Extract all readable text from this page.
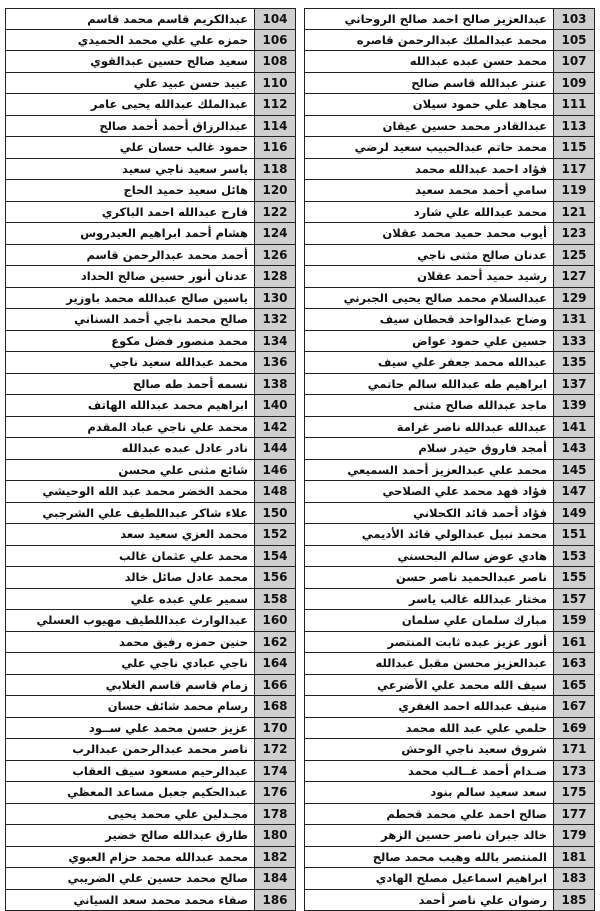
104
عبدالكريم قاسم محمد قاسم
106
حمزه علي علي محمد الحميدي
108
سعيد صالح حسين عبدالقوي
110
عبيد حسن عبيد علي
112
عبدالملك عبدالله يحيى عامر
114
عبدالرزاق أحمد أحمد صالح
116
حمود غالب حسان علي
118
ياسر سعيد ناجي سعيد
120
هائل سعيد حميد الحاج
122
فارح عبدالله احمد الباكري
124
هشام أحمد ابراهيم العيدروس
126
أحمد محمد عبدالرحمن قاسم
128
عدنان أنور حسين صالح الحداد
130
ياسين صالح عبدالله محمد باوزير
132
صالح محمد ناجي أحمد السناني
134
محمد منصور فضل مكوع
136
محمد عبدالله سعيد ناجي
138
نسمه أحمد طه صالح
140
ابراهيم محمد عبدالله الهاتف
142
محمد علي ناجي عباد المقدم
144
نادر عادل عبده عبدالله
146
شائع مثنى علي محسن
148
محمد الخضر محمد عبد الله الوحيشي
150
علاء شاكر عبداللطيف علي الشرجبي
152
محمد العزي سعيد سعد
154
محمد علي عثمان غالب
156
محمد عادل صائل خالد
158
سمير علي عبده علي
160
عبدالوارث عبداللطيف مهيوب العسلي
162
حنين حمزه رفيق محمد
164
ناجي عبادي ناجي علي
166
زمام قاسم قاسم الغلابي
168
رسام محمد شائف حسان
170
عزيز حسن محمد علي ســود
172
ناصر محمد عبدالرحمن عبدالرب
174
عبدالرحيم مسعود سيف العقاب
176
عبدالحكيم جعبل مساعد المعظي
178
مجـدلين علي محمد يحيى
180
طارق عبدالله صالح خضير
182
محمد عبدالله محمد حزام العبوي
184
صالح محمد حسين علي الضريبي
186
صفاء محمد محمد سعد السياني
103
عبدالعزيز صالح احمد صالح الروحاني
105
محمد عبدالملك عبدالرحمن قاصره
107
محمد حسن عبده عبدالله
109
عنتر عبدالله قاسم صالح
111
مجاهد علي حمود سيلان
113
عبدالقادر محمد حسين عيقان
115
محمد حاتم عبدالحبيب سعيد لرضي
117
فؤاد احمد عبدالله محمد
119
سامي أحمد محمد سعيد
121
محمد عبدالله علي شارد
123
أيوب محمد حميد محمد عقلان
125
عدنان صالح مثنى ناجي
127
رشيد حميد أحمد عقلان
129
عبدالسلام محمد صالح يحيى الجبرني
131
وضاح عبدالواحد قحطان سيف
133
حسين علي حمود عواض
135
عبدالله محمد جعفر علي سيف
137
ابراهيم طه عبدالله سالم حاتمي
139
ماجد عبدالله صالح مثنى
141
عبدالله عبدالله ناصر غرامة
143
أمجد فاروق حيدر سلام
145
محمد علي عبدالعزيز أحمد السميعي
147
فؤاد فهد محمد علي الصلاحي
149
فؤاد أحمد قائد الكحلاني
151
محمد نبيل عبدالولي قائد الأديمي
153
هادي عوض سالم البحسني
155
ناصر عبدالحميد ناصر حسن
157
مختار عبدالله غالب ياسر
159
مبارك سلمان علي سلمان
161
أنور عزيز عبده ثابت المنتصر
163
عبدالعزيز محسن مقبل عبدالله
165
سيف الله محمد علي الأضرعي
167
منيف عبدالله احمد الغفري
169
حلمي علي عبد الله محمد
171
شروق سعيد ناجي الوحش
173
صـدام أحمد غــالب محمد
175
سعد سعيد سالم بنود
177
صالح احمد علي محمد قحطم
179
خالد جبران ناصر حسين الزهر
181
المنتصر بالله وهيب محمد صالح
183
ابراهيم اسماعيل مصلح الهادي
185
رضوان علي ناصر أحمد
